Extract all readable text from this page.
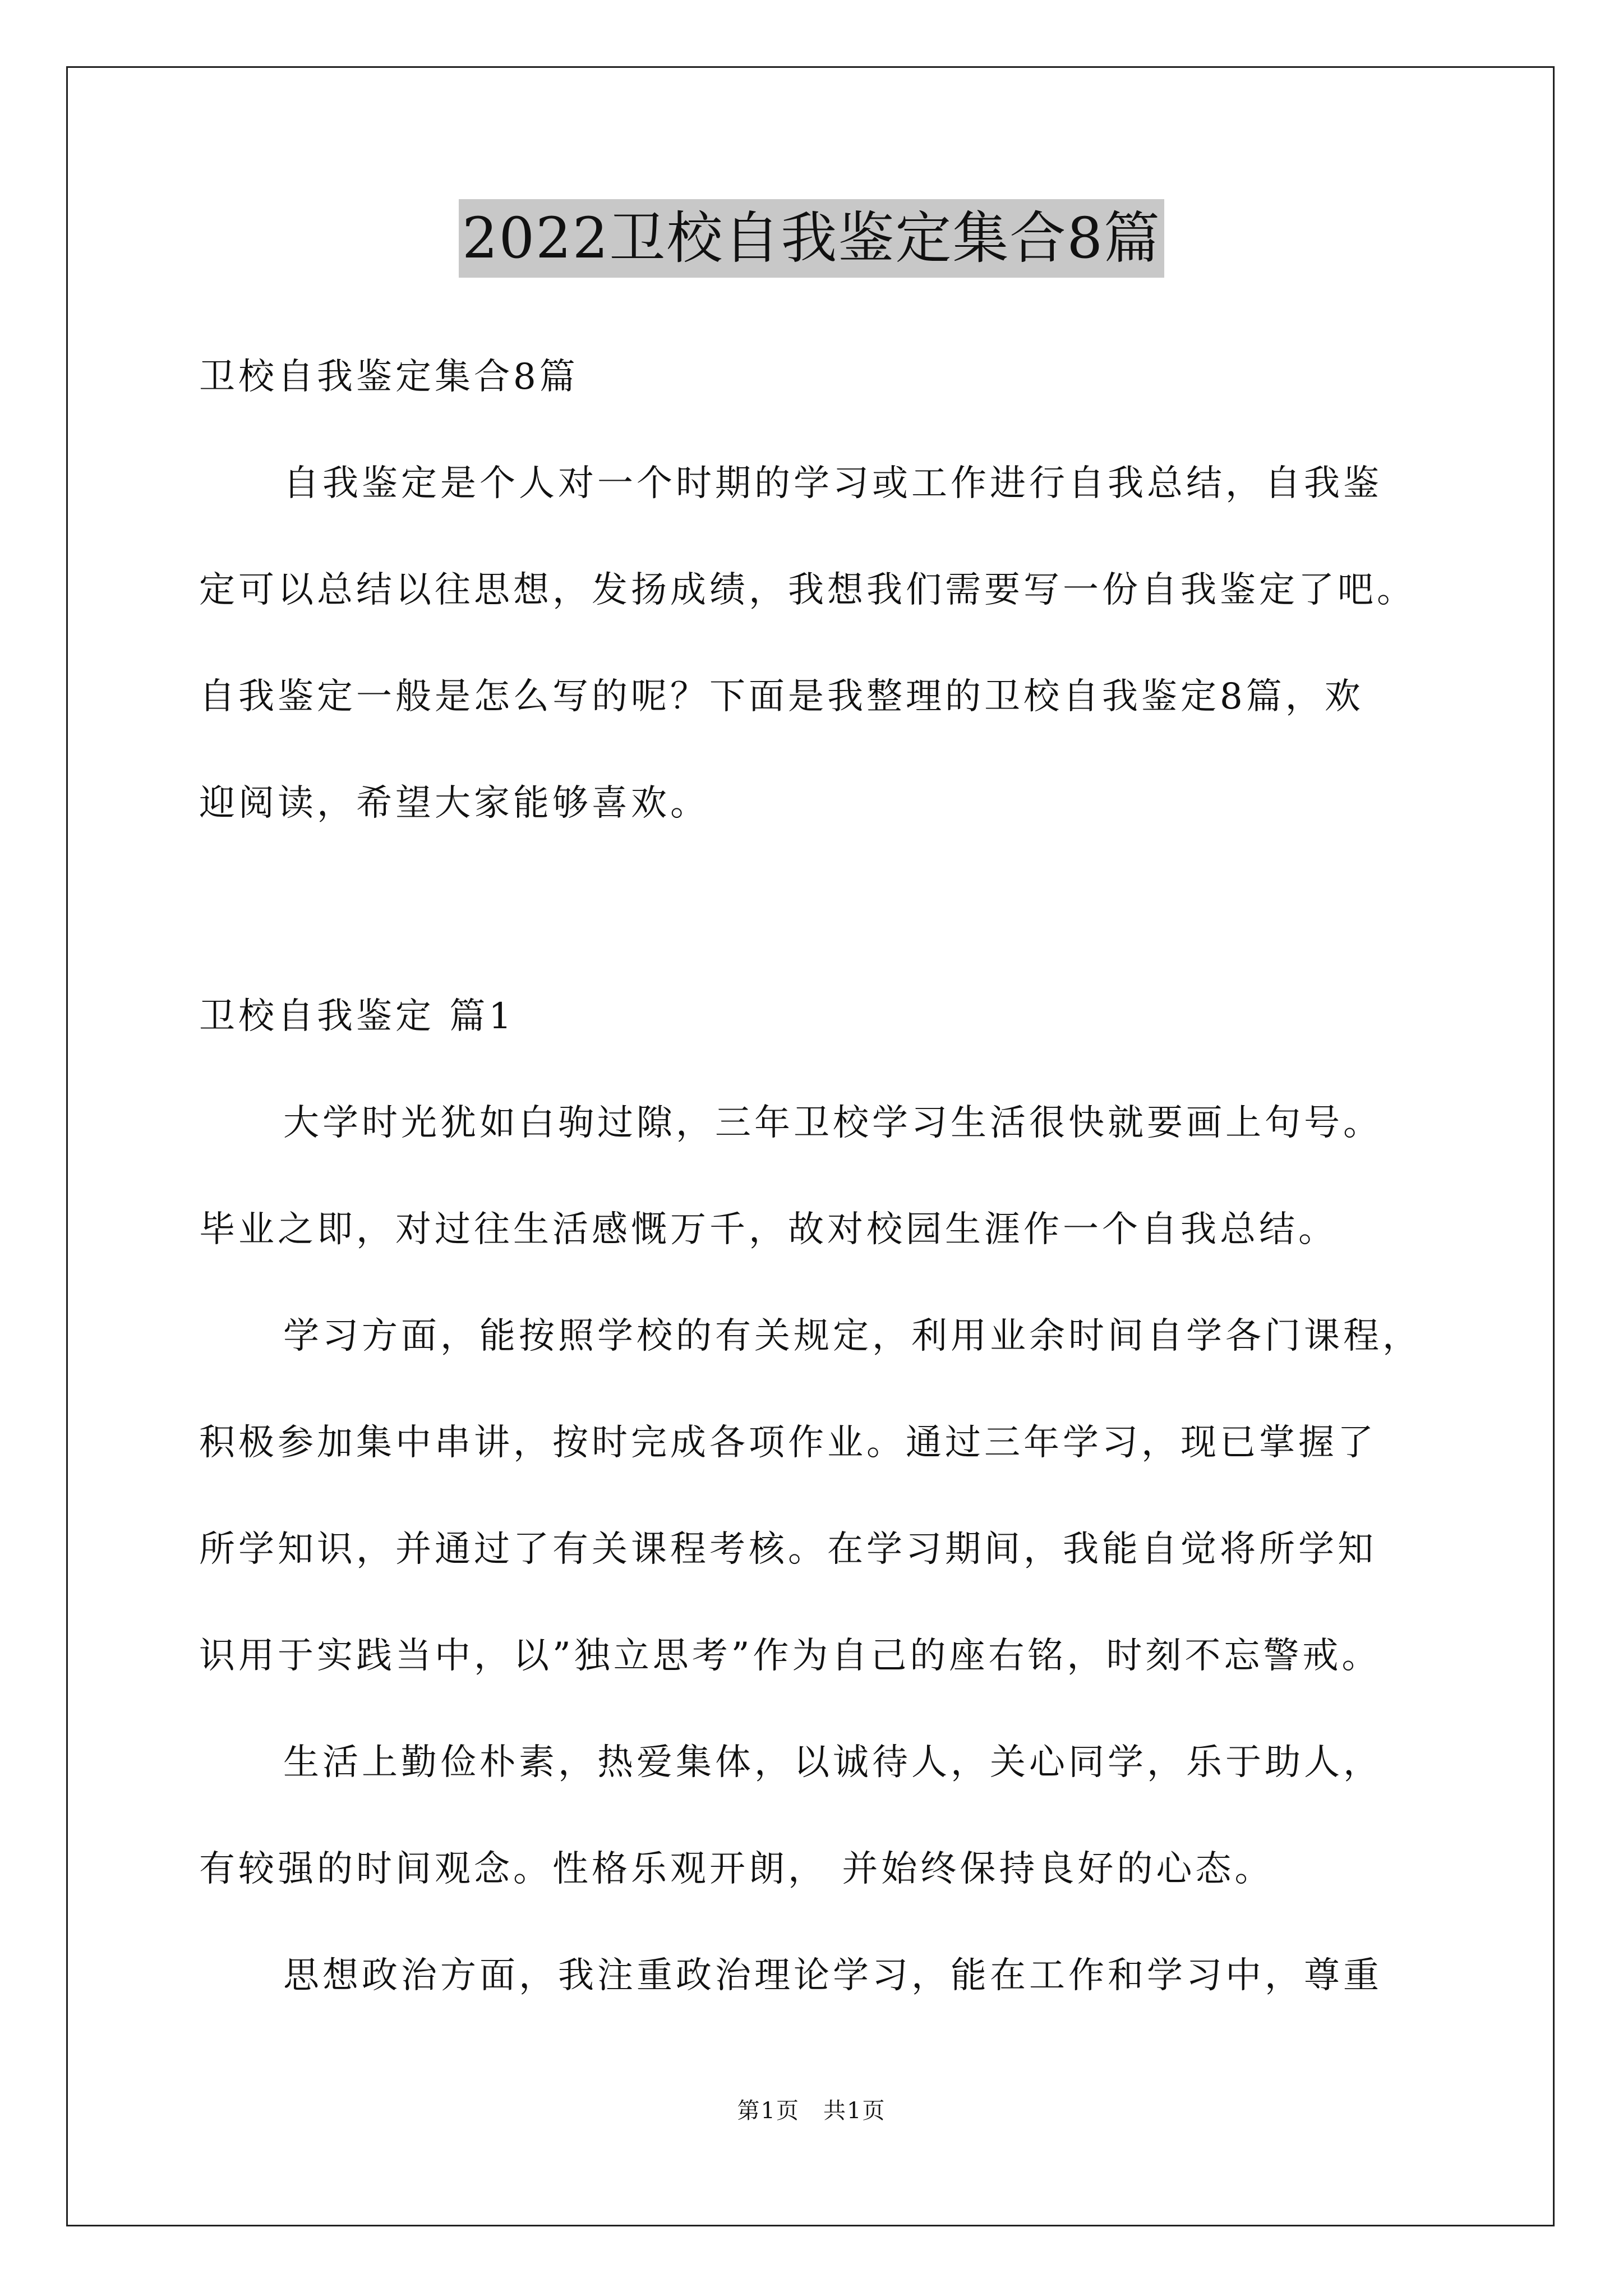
2022卫校自我鉴定集合8篇
卫校自我鉴定集合8篇
自我鉴定是个人对一个时期的学习或工作进行自我总结，自我鉴
定可以总结以往思想，发扬成绩，我想我们需要写一份自我鉴定了吧。
自我鉴定一般是怎么写的呢？下面是我整理的卫校自我鉴定8篇，欢
迎阅读，希望大家能够喜欢。
卫校自我鉴定 篇1
大学时光犹如白驹过隙，三年卫校学习生活很快就要画上句号。
毕业之即，对过往生活感慨万千，故对校园生涯作一个自我总结。
学习方面，能按照学校的有关规定，利用业余时间自学各门课程，
积极参加集中串讲，按时完成各项作业。通过三年学习，现已掌握了
所学知识，并通过了有关课程考核。在学习期间，我能自觉将所学知
识用于实践当中，以”独立思考”作为自己的座右铭，时刻不忘警戒。
生活上勤俭朴素，热爱集体，以诚待人，关心同学，乐于助人，
有较强的时间观念。性格乐观开朗， 并始终保持良好的心态。
思想政治方面，我注重政治理论学习，能在工作和学习中，尊重
第1页　共1页
